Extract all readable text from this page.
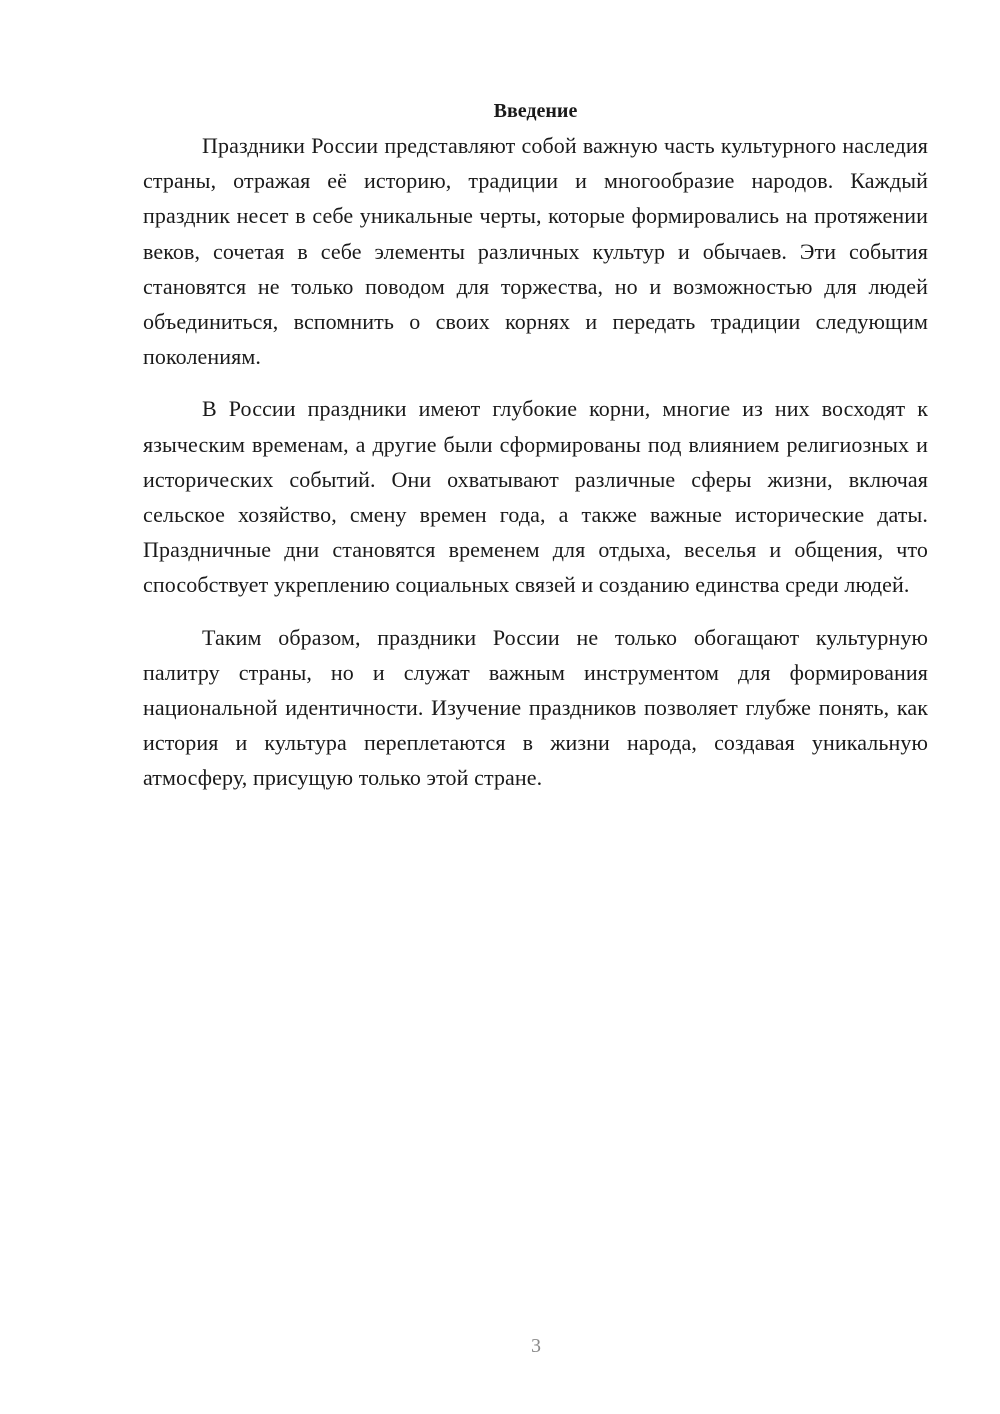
Введение

Праздники России представляют собой важную часть культурного наследия страны, отражая её историю, традиции и многообразие народов. Каждый праздник несет в себе уникальные черты, которые формировались на протяжении веков, сочетая в себе элементы различных культур и обычаев. Эти события становятся не только поводом для торжества, но и возможностью для людей объединиться, вспомнить о своих корнях и передать традиции следующим поколениям.

В России праздники имеют глубокие корни, многие из них восходят к языческим временам, а другие были сформированы под влиянием религиозных и исторических событий. Они охватывают различные сферы жизни, включая сельское хозяйство, смену времен года, а также важные исторические даты. Праздничные дни становятся временем для отдыха, веселья и общения, что способствует укреплению социальных связей и созданию единства среди людей.

Таким образом, праздники России не только обогащают культурную палитру страны, но и служат важным инструментом для формирования национальной идентичности. Изучение праздников позволяет глубже понять, как история и культура переплетаются в жизни народа, создавая уникальную атмосферу, присущую только этой стране.

3
